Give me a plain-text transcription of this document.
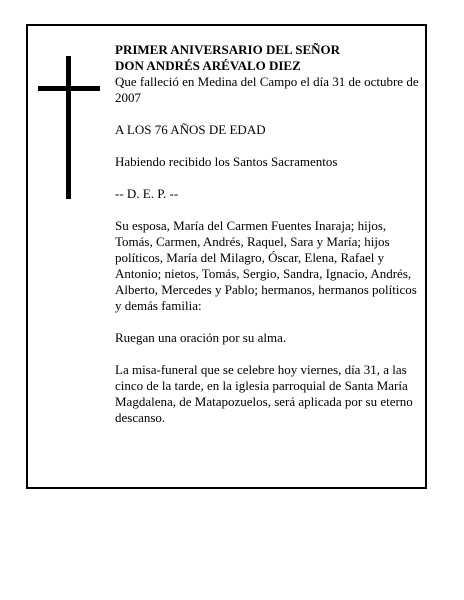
PRIMER ANIVERSARIO DEL SEÑOR

DON ANDRÉS ARÉVALO DIEZ

Que falleció en Medina del Campo el día 31 de octubre de 2007

A LOS 76 AÑOS DE EDAD

Habiendo recibido los Santos Sacramentos

-- D. E. P. --

Su esposa, María del Carmen Fuentes Inaraja; hijos, Tomás, Carmen, Andrés, Raquel, Sara y María; hijos políticos, María del Milagro, Óscar, Elena, Rafael y Antonio; nietos, Tomás, Sergio, Sandra, Ignacio, Andrés, Alberto, Mercedes y Pablo; hermanos, hermanos políticos y demás familia:

Ruegan una oración por su alma.

La misa-funeral que se celebre hoy viernes, día 31, a las cinco de la tarde, en la iglesia parroquial de Santa María Magdalena, de Matapozuelos, será aplicada por su eterno descanso.
